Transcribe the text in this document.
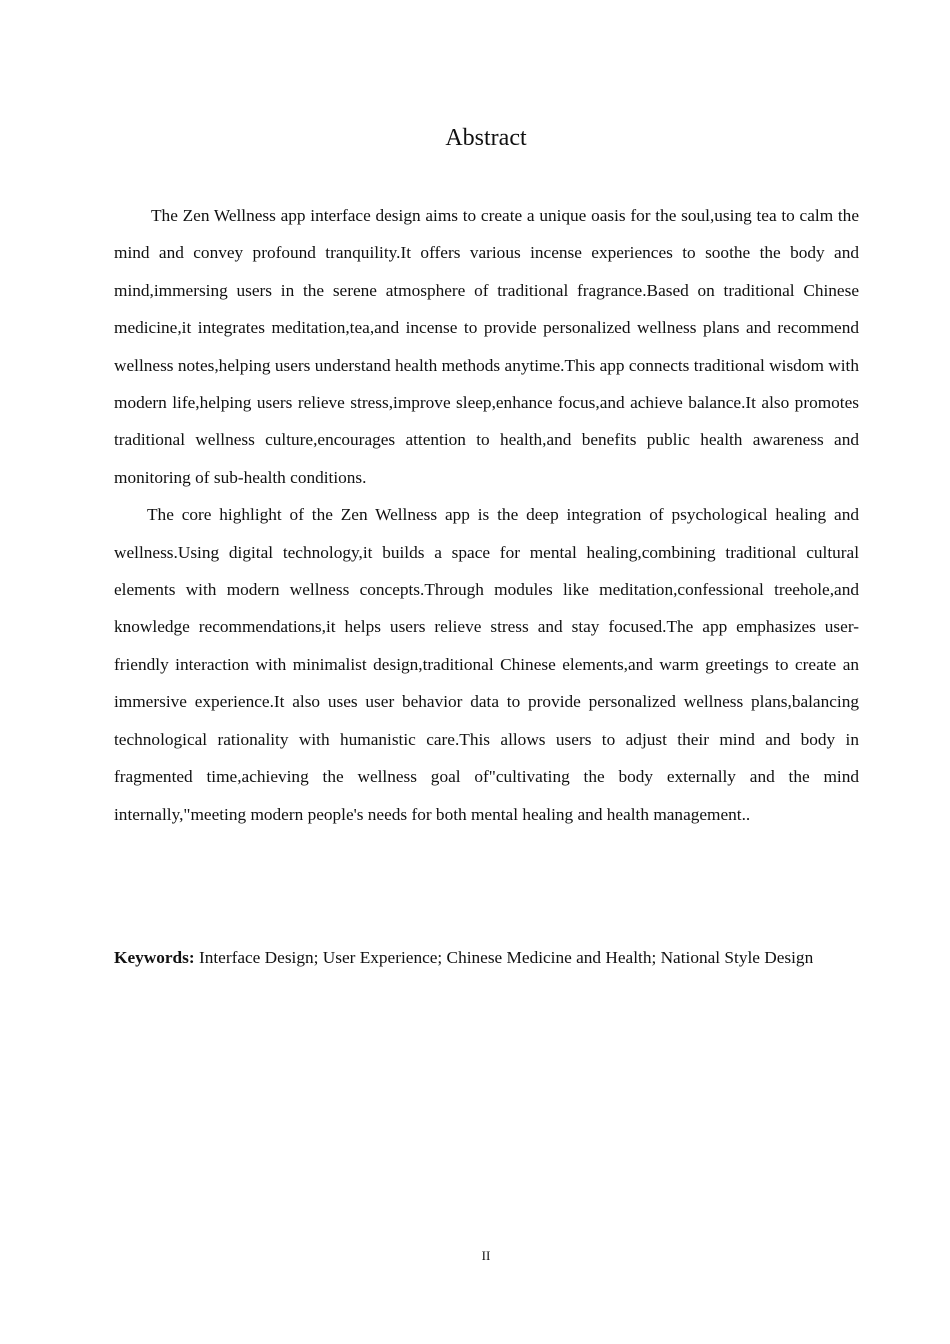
Abstract

The Zen Wellness app interface design aims to create a unique oasis for the soul,using tea to calm the mind and convey profound tranquility.It offers various incense experiences to soothe the body and mind,immersing users in the serene atmosphere of traditional fragrance.Based on traditional Chinese medicine,it integrates meditation,tea,and incense to provide personalized wellness plans and recommend wellness notes,helping users understand health methods anytime.This app connects traditional wisdom with modern life,helping users relieve stress,improve sleep,enhance focus,and achieve balance.It also promotes traditional wellness culture,encourages attention to health,and benefits public health awareness and monitoring of sub-health conditions.

The core highlight of the Zen Wellness app is the deep integration of psychological healing and wellness.Using digital technology,it builds a space for mental healing,combining traditional cultural elements with modern wellness concepts.Through modules like meditation,confessional treehole,and knowledge recommendations,it helps users relieve stress and stay focused.The app emphasizes user-friendly interaction with minimalist design,traditional Chinese elements,and warm greetings to create an immersive experience.It also uses user behavior data to provide personalized wellness plans,balancing technological rationality with humanistic care.This allows users to adjust their mind and body in fragmented time,achieving the wellness goal of"cultivating the body externally and the mind internally,"meeting modern people's needs for both mental healing and health management..

Keywords: Interface Design; User Experience; Chinese Medicine and Health; National Style Design

II
